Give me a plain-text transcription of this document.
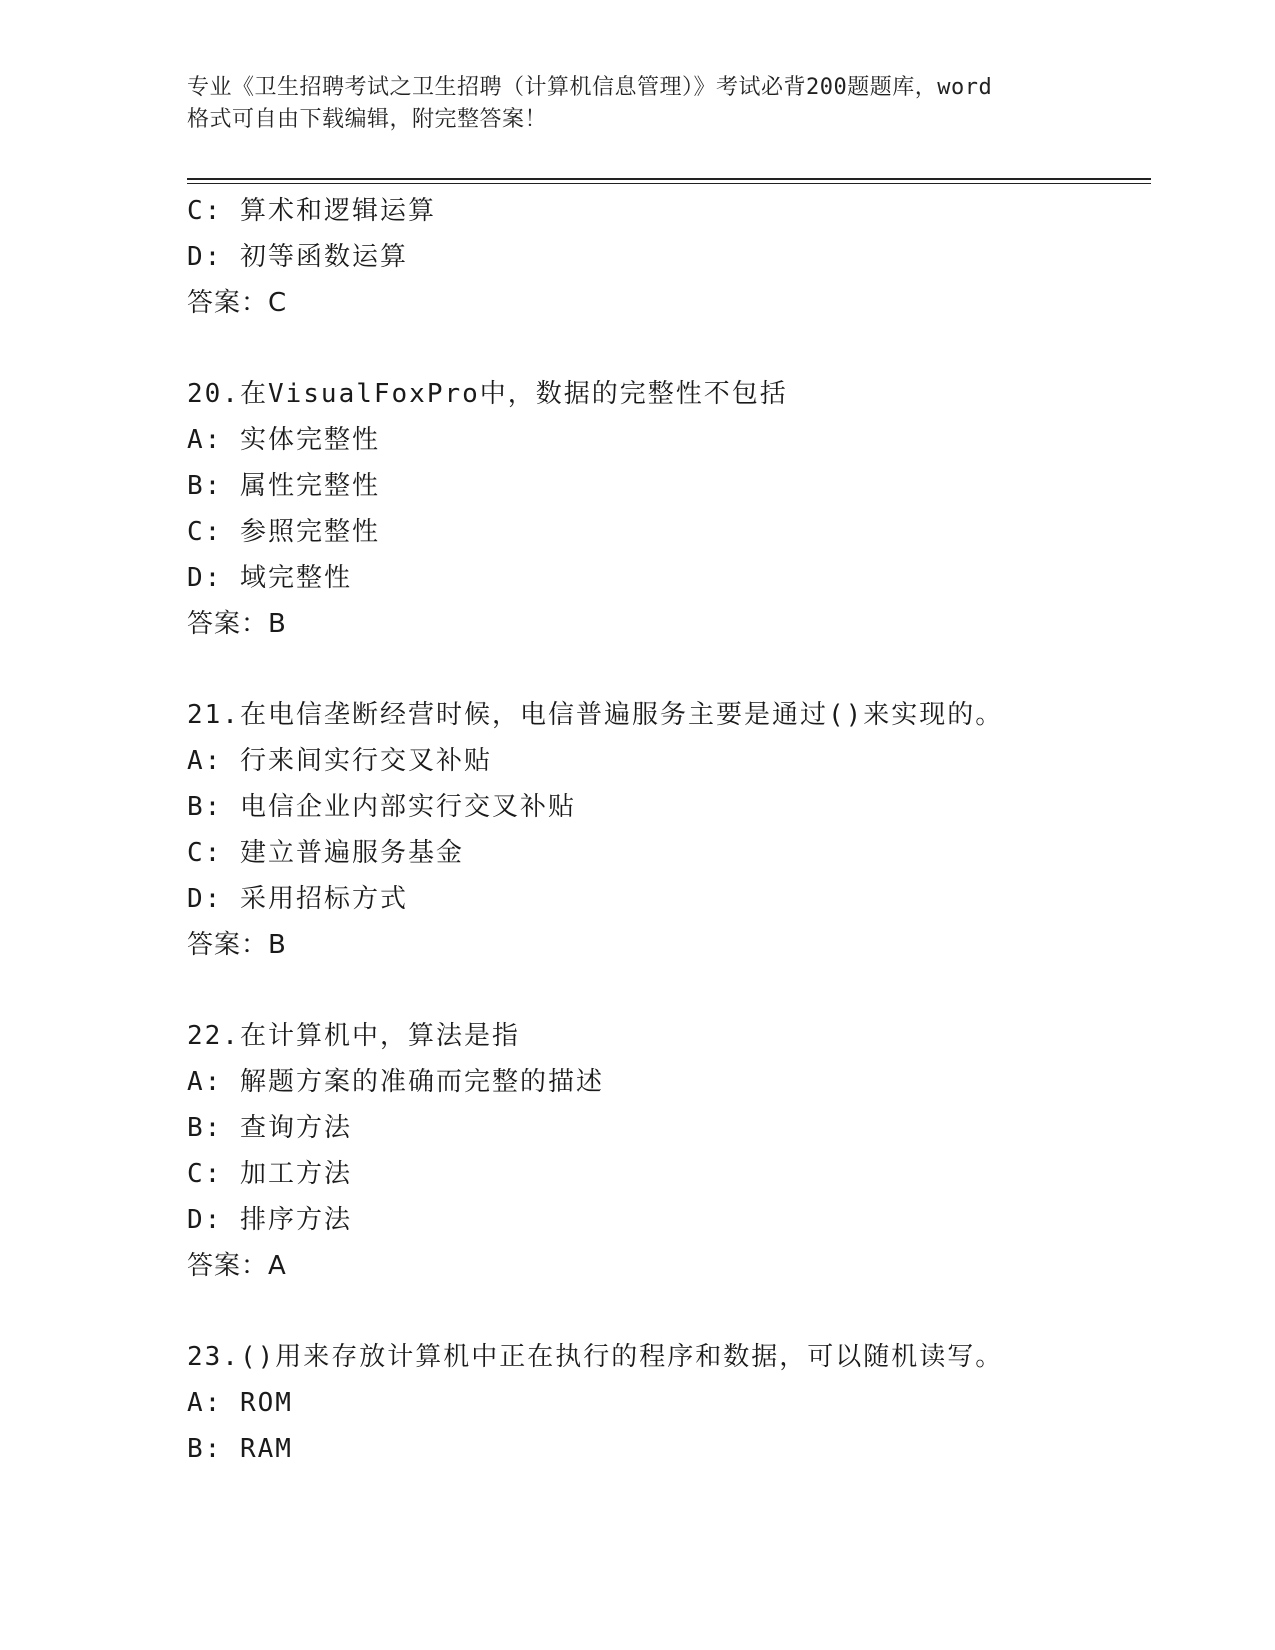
专业《卫生招聘考试之卫生招聘（计算机信息管理）》考试必背200题题库，word
格式可自由下载编辑，附完整答案！
C: 算术和逻辑运算
D: 初等函数运算
答案：C
20.在VisualFoxPro中，数据的完整性不包括
A: 实体完整性
B: 属性完整性
C: 参照完整性
D: 域完整性
答案：B
21.在电信垄断经营时候，电信普遍服务主要是通过()来实现的。
A: 行来间实行交叉补贴
B: 电信企业内部实行交叉补贴
C: 建立普遍服务基金
D: 采用招标方式
答案：B
22.在计算机中，算法是指
A: 解题方案的准确而完整的描述
B: 查询方法
C: 加工方法
D: 排序方法
答案：A
23.()用来存放计算机中正在执行的程序和数据，可以随机读写。
A: ROM
B: RAM
